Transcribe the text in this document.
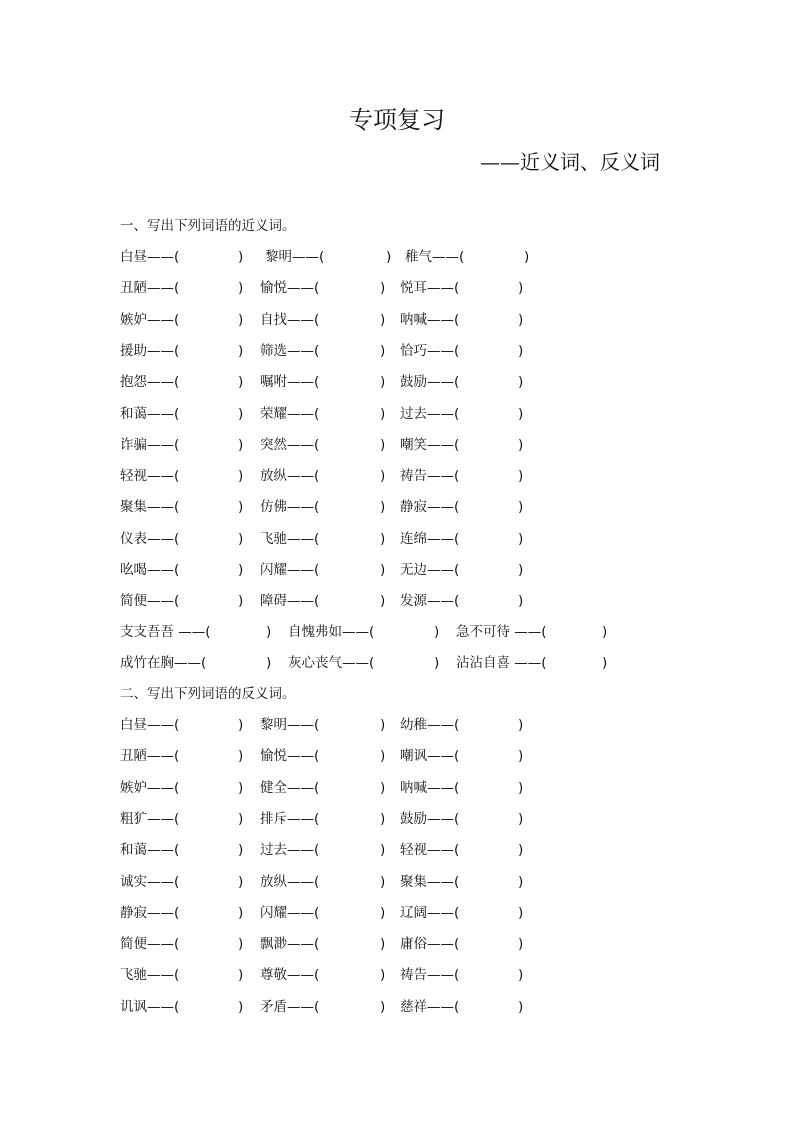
专项复习
——近义词、反义词
一、写出下列词语的近义词。
白昼——(	) 黎明——(	) 稚气——(	)
丑陋——(	) 愉悦——(	) 悦耳——(	)
嫉妒——(	) 自找——(	) 呐喊——(	)
援助——(	) 筛选——(	) 恰巧——(	)
抱怨——(	) 嘱咐——(	) 鼓励——(	)
和蔼——(	) 荣耀——(	) 过去——(	)
诈骗——(	) 突然——(	) 嘲笑——(	)
轻视——(	) 放纵——(	) 祷告——(	)
聚集——(	) 仿佛——(	) 静寂——(	)
仪表——(	) 飞驰——(	) 连绵——(	)
吆喝——(	) 闪耀——(	) 无边——(	)
简便——(	) 障碍——(	) 发源——(	)
支支吾吾 ——(	) 自愧弗如——(	) 急不可待 ——(	)
成竹在胸——(	) 灰心丧气——(	) 沾沾自喜 ——(	)
二、写出下列词语的反义词。
白昼——(	) 黎明——(	) 幼稚——(	)
丑陋——(	) 愉悦——(	) 嘲讽——(	)
嫉妒——(	) 健全——(	) 呐喊——(	)
粗犷——(	) 排斥——(	) 鼓励——(	)
和蔼——(	) 过去——(	) 轻视——(	)
诚实——(	) 放纵——(	) 聚集——(	)
静寂——(	) 闪耀——(	) 辽阔——(	)
简便——(	) 飘渺——(	) 庸俗——(	)
飞驰——(	) 尊敬——(	) 祷告——(	)
讥讽——(	) 矛盾——(	) 慈祥——(	)
